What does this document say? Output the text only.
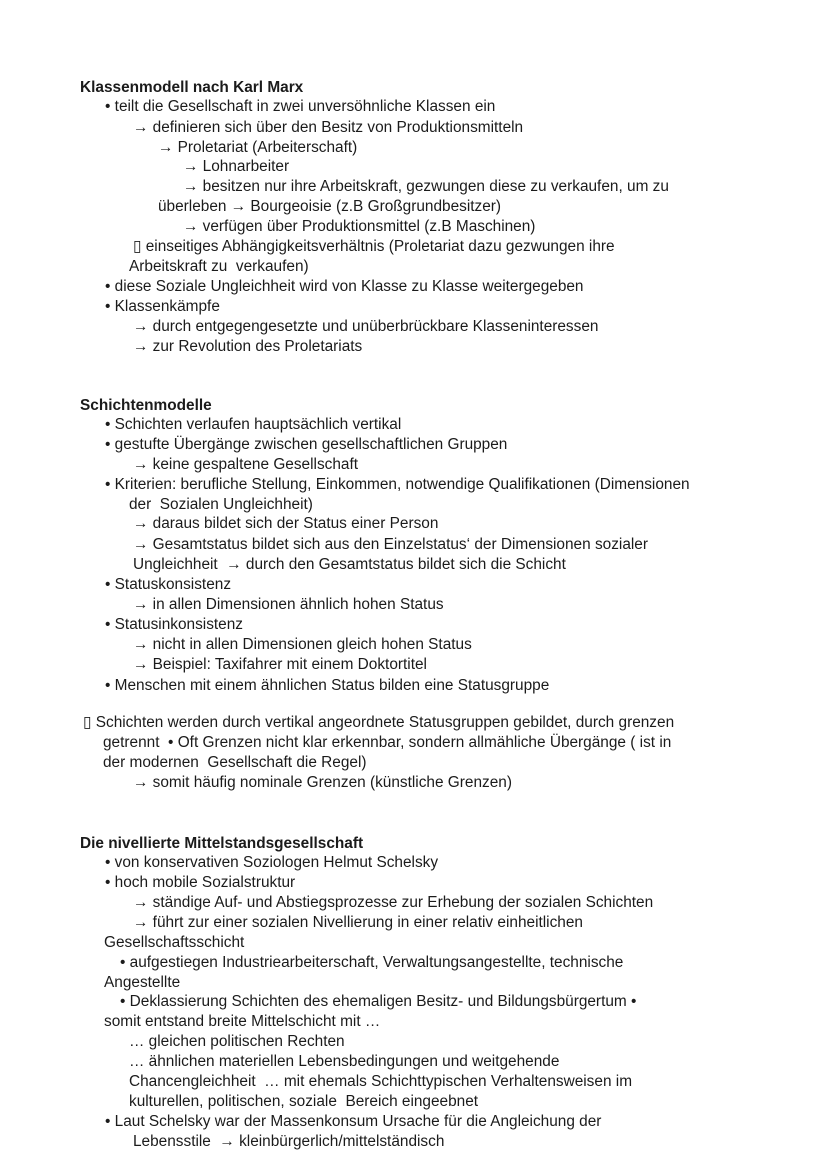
Klassenmodell nach Karl Marx
• teilt die Gesellschaft in zwei unversöhnliche Klassen ein
→ definieren sich über den Besitz von Produktionsmitteln
→ Proletariat (Arbeiterschaft)
→ Lohnarbeiter
→ besitzen nur ihre Arbeitskraft, gezwungen diese zu verkaufen, um zu
überleben → Bourgeoisie (z.B Großgrundbesitzer)
→ verfügen über Produktionsmittel (z.B Maschinen)
▯ einseitiges Abhängigkeitsverhältnis (Proletariat dazu gezwungen ihre
Arbeitskraft zu  verkaufen)
• diese Soziale Ungleichheit wird von Klasse zu Klasse weitergegeben
• Klassenkämpfe
→ durch entgegengesetzte und unüberbrückbare Klasseninteressen
→ zur Revolution des Proletariats
Schichtenmodelle
• Schichten verlaufen hauptsächlich vertikal
• gestufte Übergänge zwischen gesellschaftlichen Gruppen
→ keine gespaltene Gesellschaft
• Kriterien: berufliche Stellung, Einkommen, notwendige Qualifikationen (Dimensionen
der  Sozialen Ungleichheit)
→ daraus bildet sich der Status einer Person
→ Gesamtstatus bildet sich aus den Einzelstatus‘ der Dimensionen sozialer
Ungleichheit  → durch den Gesamtstatus bildet sich die Schicht
• Statuskonsistenz
→ in allen Dimensionen ähnlich hohen Status
• Statusinkonsistenz
→ nicht in allen Dimensionen gleich hohen Status
→ Beispiel: Taxifahrer mit einem Doktortitel
• Menschen mit einem ähnlichen Status bilden eine Statusgruppe
▯ Schichten werden durch vertikal angeordnete Statusgruppen gebildet, durch grenzen
getrennt  • Oft Grenzen nicht klar erkennbar, sondern allmähliche Übergänge ( ist in
der modernen  Gesellschaft die Regel)
→ somit häufig nominale Grenzen (künstliche Grenzen)
Die nivellierte Mittelstandsgesellschaft
• von konservativen Soziologen Helmut Schelsky
• hoch mobile Sozialstruktur
→ ständige Auf- und Abstiegsprozesse zur Erhebung der sozialen Schichten
→ führt zur einer sozialen Nivellierung in einer relativ einheitlichen
Gesellschaftsschicht
• aufgestiegen Industriearbeiterschaft, Verwaltungsangestellte, technische
Angestellte
• Deklassierung Schichten des ehemaligen Besitz- und Bildungsbürgertum •
somit entstand breite Mittelschicht mit …
… gleichen politischen Rechten
… ähnlichen materiellen Lebensbedingungen und weitgehende
Chancengleichheit  … mit ehemals Schichttypischen Verhaltensweisen im
kulturellen, politischen, soziale  Bereich eingeebnet
• Laut Schelsky war der Massenkonsum Ursache für die Angleichung der
Lebensstile  → kleinbürgerlich/mittelständisch
